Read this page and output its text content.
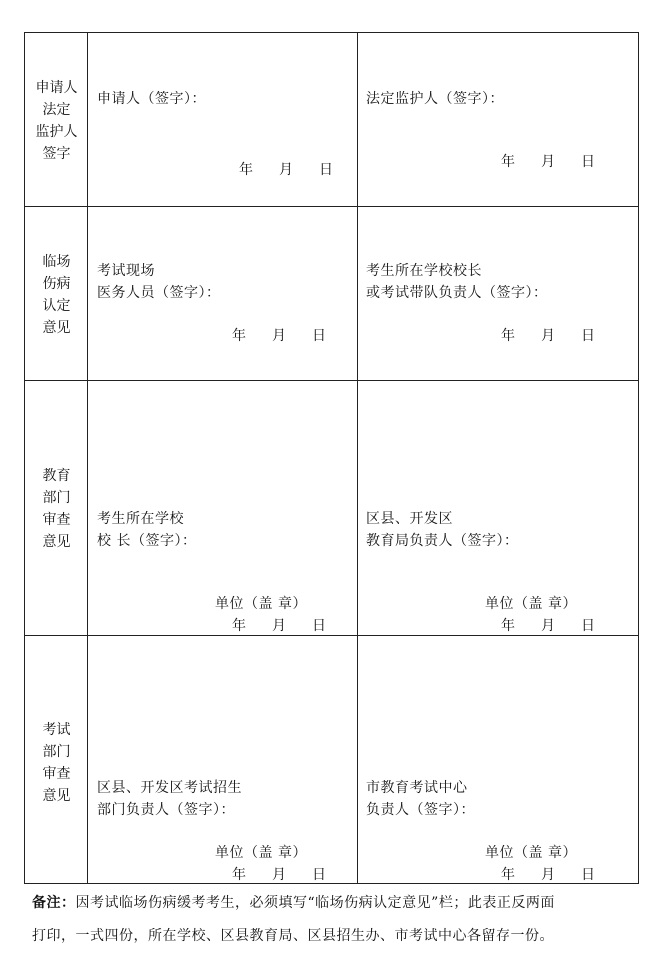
申请人
法定
监护人
签字
申请人（签字）：
年 月 日
法定监护人（签字）：
年 月 日
临场
伤病
认定
意见
考试现场
医务人员（签字）：
年 月 日
考生所在学校校长
或考试带队负责人（签字）：
年 月 日
教育
部门
审查
意见
考生所在学校
校 长（签字）：
单位（盖 章）
年 月 日
区县、开发区
教育局负责人（签字）：
单位（盖 章）
年 月 日
考试
部门
审查
意见	区县、开发区考试招生
部门负责人（签字）：
单位（盖 章）
年 月 日
市教育考试中心
负责人（签字）：
单位（盖 章）
年 月 日
备注：因考试临场伤病缓考考生，必须填写“临场伤病认定意见”栏；此表正反两面
打印，一式四份，所在学校、区县教育局、区县招生办、市考试中心各留存一份。
